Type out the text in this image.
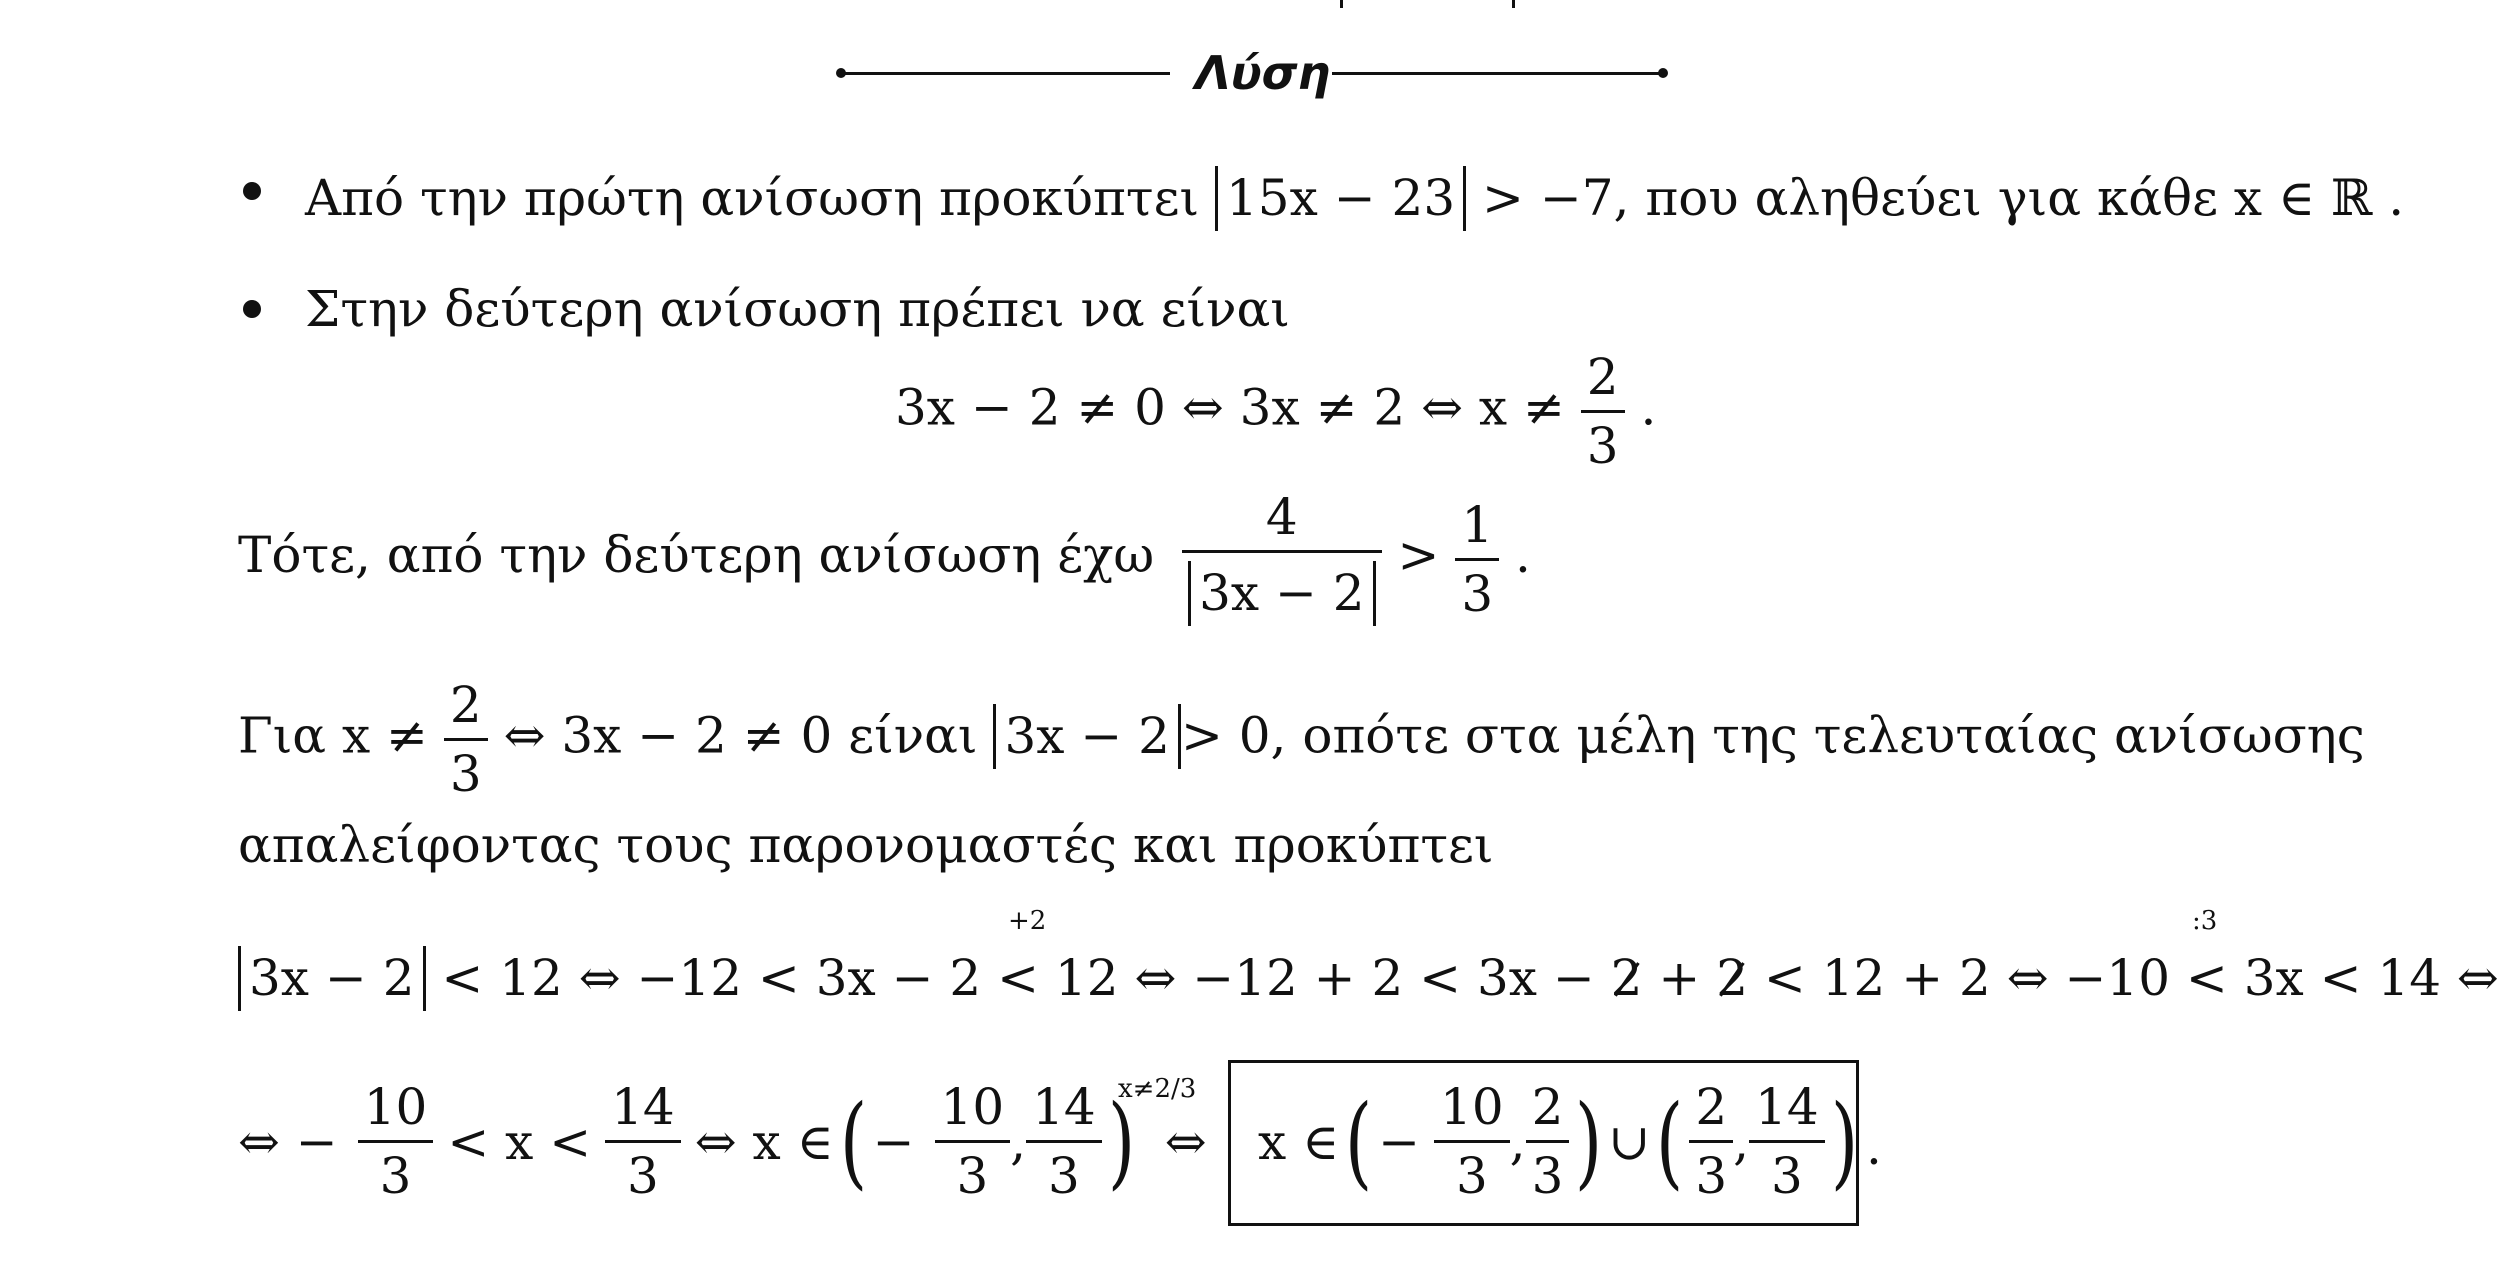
Λύση
Από την πρώτη ανίσωση προκύπτει 15x − 23 > −7, που αληθεύει για κάθε x ∈ ℝ .
Στην δεύτερη ανίσωση πρέπει να είναι
3x − 2 ≠ 0 ⇔ 3x ≠ 2 ⇔ $x \ne \frac{2}{3}$ .
Τότε, από την δεύτερη ανίσωση έχω $\frac{4}{3x - 2} > \frac{1}{3}$ .
Για $x \ne \frac{2}{3}$ ⇔ 3x − 2 ≠ 0 είναι 3x − 2 > 0, οπότε στα μέλη της τελευταίας ανίσωσης
απαλείφοντας τους παρονομαστές και προκύπτει
3x − 2 < 12 ⇔ −12 < 3x − 2 < 12 ⇔ −12 + 2 < 3x − 2 + 2 < 12 + 2 ⇔ −10 < 3x < 14 ⇔
+2	:3
⇔ − $\frac{10}{3} < x < \frac{14}{3}$ ⇔ x ∈ ( − $\frac{10}{3}$ , $\frac{14}{3}$ ) ⇔
x≠2/3
x ∈ ( − $\frac{10}{3}$ , $\frac{2}{3}$ ) ∪ ( $\frac{2}{3}$ , $\frac{14}{3}$ ) .
